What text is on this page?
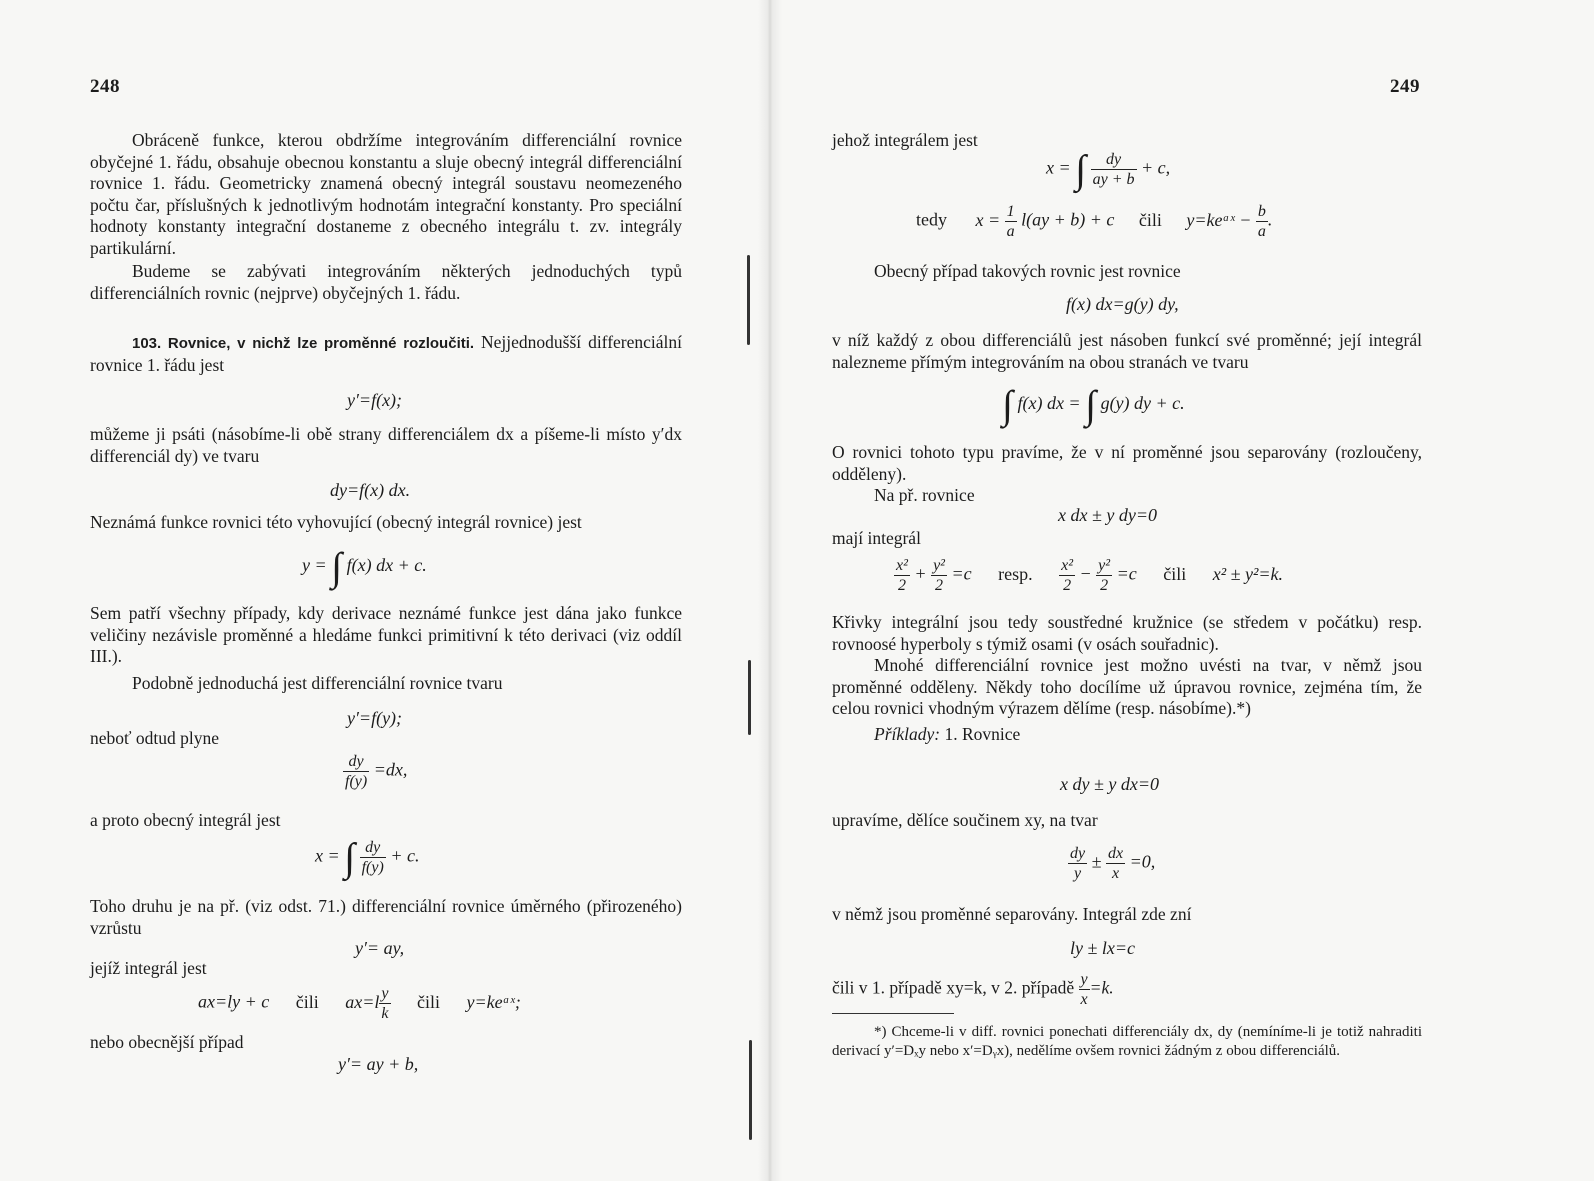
248

Obráceně funkce, kterou obdržíme integrováním differenciální rovnice obyčejné 1. řádu, obsahuje obecnou konstantu a sluje obecný integrál differenciální rovnice 1. řádu. Geometricky znamená obecný integrál soustavu neomezeného počtu čar, příslušných k jednotlivým hodnotám integrační konstanty. Pro speciální hodnoty konstanty integrační dostaneme z obecného integrálu t. zv. integrály partikulární.

Budeme se zabývati integrováním některých jednoduchých typů differenciálních rovnic (nejprve) obyčejných 1. řádu.

103. Rovnice, v nichž lze proměnné rozloučiti. Nejjednodušší differenciální rovnice 1. řádu jest

y′=f(x);

můžeme ji psáti (násobíme-li obě strany differenciálem dx a píšeme-li místo y′dx differenciál dy) ve tvaru

dy=f(x) dx.

Neznámá funkce rovnici této vyhovující (obecný integrál rovnice) jest

y = ∫ f(x) dx + c.

Sem patří všechny případy, kdy derivace neznámé funkce jest dána jako funkce veličiny nezávisle proměnné a hledáme funkci primitivní k této derivaci (viz oddíl III.).

Podobně jednoduchá jest differenciální rovnice tvaru

y′=f(y);
neboť odtud plyne
$\frac{dy}{f(y)} =dx$,
a proto obecný integrál jest
x = ∫ $\frac{dy}{f(y)} + c$.

Toho druhu je na př. (viz odst. 71.) differenciální rovnice úměrného (přirozeného) vzrůstu

y′= ay,
jejíž integrál jest
ax=ly + c čili $ax=l \frac{y}{k}$ čili y=keᵃˣ;
nebo obecnější případ
y′= ay + b,
249
jehož integrálem jest
x = ∫ $\frac{dy}{ay + b} + c$,
tedy $x = \frac{1}{a} l(ay + b) + c$ čili y=keᵃˣ − $\frac{b}{a}$ .

Obecný případ takových rovnic jest rovnice

f(x) dx=g(y) dy,

v níž každý z obou differenciálů jest násoben funkcí své proměnné; její integrál nalezneme přímým integrováním na obou stranách ve tvaru

∫ f(x) dx = ∫ g(y) dy + c.

O rovnici tohoto typu pravíme, že v ní proměnné jsou separovány (rozloučeny, odděleny).

Na př. rovnice

x dx ± y dy=0
mají integrál
$\frac{\text{x²}}{2} + \frac{\text{y²}}{2} =c$ resp. $\frac{\text{x²}}{2} - \frac{\text{y²}}{2} =c$ čili x² ± y²=k.

Křivky integrální jsou tedy soustředné kružnice (se středem v počátku) resp. rovnoosé hyperboly s týmiž osami (v osách souřadnic).

Mnohé differenciální rovnice jest možno uvésti na tvar, v němž jsou proměnné odděleny. Někdy toho docílíme už úpravou rovnice, zejména tím, že celou rovnici vhodným výrazem dělíme (resp. násobíme).*)

Příklady: 1. Rovnice

x dy ± y dx=0

upravíme, dělíce součinem xy, na tvar

$\frac{dy}{y} \pm \frac{dx}{x} =0$,

v němž jsou proměnné separovány. Integrál zde zní

ly ± lx=c
čili v 1. případě xy=k, v 2. případě $\frac{y}{x} =k$.

*) Chceme-li v diff. rovnici ponechati differenciály dx, dy (nemíníme-li je totiž nahraditi derivací y′=Dₓy nebo x′=Dᵧx), nedělíme ovšem rovnici žádným z obou differenciálů.
